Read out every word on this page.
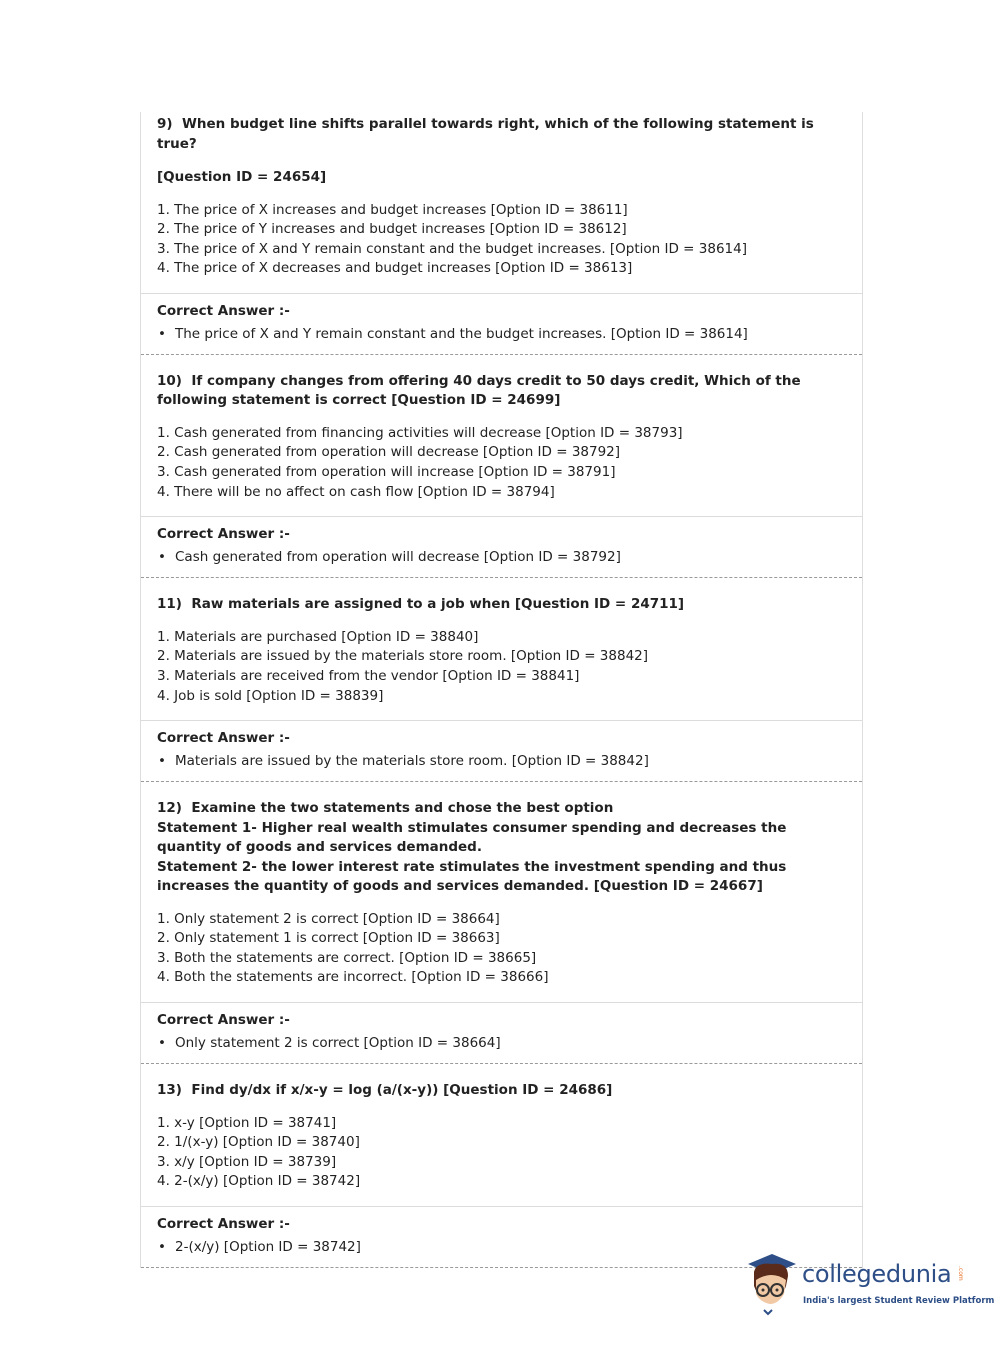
9) When budget line shifts parallel towards right, which of the following statement is true?
[Question ID = 24654]
1. The price of X increases and budget increases [Option ID = 38611]
2. The price of Y increases and budget increases [Option ID = 38612]
3. The price of X and Y remain constant and the budget increases. [Option ID = 38614]
4. The price of X decreases and budget increases [Option ID = 38613]
Correct Answer :-
• The price of X and Y remain constant and the budget increases. [Option ID = 38614]
10) If company changes from offering 40 days credit to 50 days credit, Which of the following statement is correct [Question ID = 24699]
1. Cash generated from financing activities will decrease [Option ID = 38793]
2. Cash generated from operation will decrease [Option ID = 38792]
3. Cash generated from operation will increase [Option ID = 38791]
4. There will be no affect on cash flow [Option ID = 38794]
Correct Answer :-
• Cash generated from operation will decrease [Option ID = 38792]
11) Raw materials are assigned to a job when [Question ID = 24711]
1. Materials are purchased [Option ID = 38840]
2. Materials are issued by the materials store room. [Option ID = 38842]
3. Materials are received from the vendor [Option ID = 38841]
4. Job is sold [Option ID = 38839]
Correct Answer :-
• Materials are issued by the materials store room. [Option ID = 38842]
12) Examine the two statements and chose the best option
Statement 1- Higher real wealth stimulates consumer spending and decreases the quantity of goods and services demanded.
Statement 2- the lower interest rate stimulates the investment spending and thus increases the quantity of goods and services demanded. [Question ID = 24667]
1. Only statement 2 is correct [Option ID = 38664]
2. Only statement 1 is correct [Option ID = 38663]
3. Both the statements are correct. [Option ID = 38665]
4. Both the statements are incorrect. [Option ID = 38666]
Correct Answer :-
• Only statement 2 is correct [Option ID = 38664]
13) Find dy/dx if x/x-y = log (a/(x-y)) [Question ID = 24686]
1. x-y [Option ID = 38741]
2. 1/(x-y) [Option ID = 38740]
3. x/y [Option ID = 38739]
4. 2-(x/y) [Option ID = 38742]
Correct Answer :-
• 2-(x/y) [Option ID = 38742]
collegedunia .com
India's largest Student Review Platform
